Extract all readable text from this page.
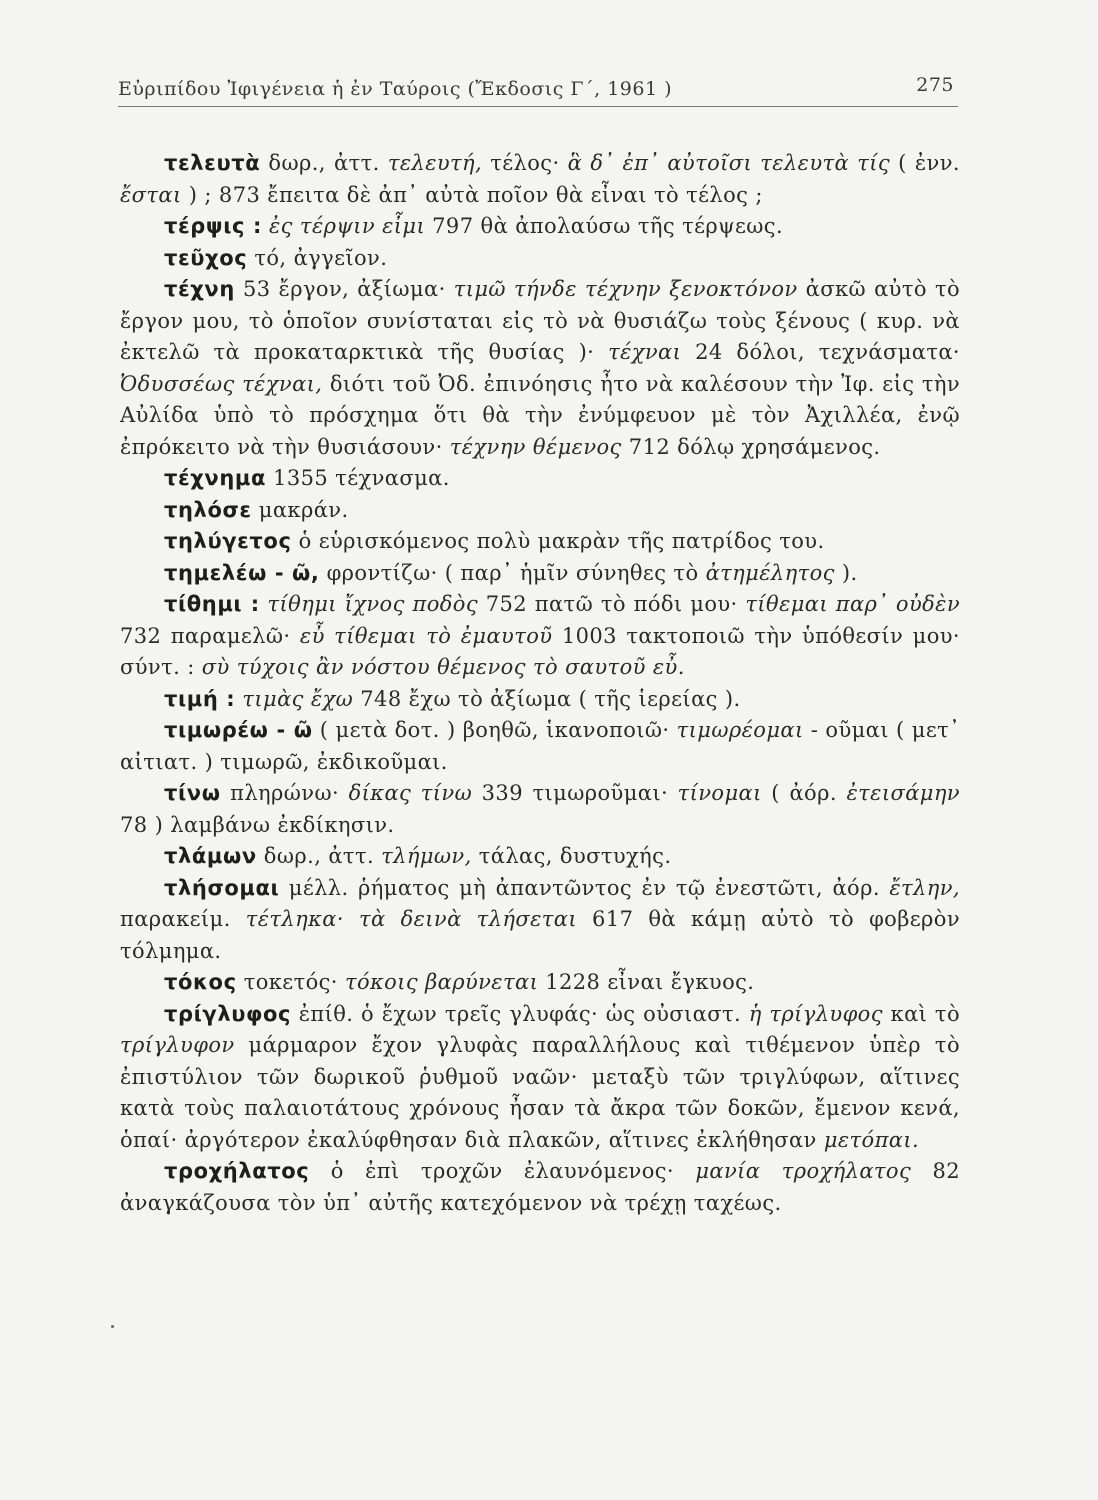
Εὐριπίδου Ἰφιγένεια ἡ ἐν Ταύροις (Ἔκδοσις Γ΄, 1961 )	275

τελευτὰ δωρ., ἀττ. τελευτή, τέλος· ἃ δ᾽ ἐπ᾽ αὐτοῖσι τελευτὰ τίς ( ἐνν. ἔσται ) ; 873 ἔπειτα δὲ ἀπ᾽ αὐτὰ ποῖον θὰ εἶναι τὸ τέλος ;

τέρψις : ἐς τέρψιν εἶμι 797 θὰ ἀπολαύσω τῆς τέρψεως.

τεῦχος τό, ἀγγεῖον.

τέχνη 53 ἔργον, ἀξίωμα· τιμῶ τήνδε τέχνην ξενοκτόνον ἀσκῶ αὐτὸ τὸ ἔργον μου, τὸ ὁποῖον συνίσταται εἰς τὸ νὰ θυσιάζω τοὺς ξένους ( κυρ. νὰ ἐκτελῶ τὰ προκαταρκτικὰ τῆς θυσίας )· τέχναι 24 δόλοι, τεχνάσματα· Ὀδυσσέως τέχναι, διότι τοῦ Ὀδ. ἐπινόησις ἦτο νὰ καλέσουν τὴν Ἰφ. εἰς τὴν Αὐλίδα ὑπὸ τὸ πρόσχημα ὅτι θὰ τὴν ἐνύμφευον μὲ τὸν Ἀχιλλέα, ἐνῷ ἐπρόκειτο νὰ τὴν θυσιάσουν· τέχνην θέμενος 712 δόλῳ χρησάμενος.

τέχνημα 1355 τέχνασμα.

τηλόσε μακράν.

τηλύγετος ὁ εὑρισκόμενος πολὺ μακρὰν τῆς πατρίδος του.

τημελέω - ῶ, φροντίζω· ( παρ᾽ ἡμῖν σύνηθες τὸ ἀτημέλητος ).

τίθημι : τίθημι ἴχνος ποδὸς 752 πατῶ τὸ πόδι μου· τίθεμαι παρ᾽ οὐδὲν 732 παραμελῶ· εὖ τίθεμαι τὸ ἐμαυτοῦ 1003 τακτοποιῶ τὴν ὑπόθεσίν μου· σύντ. : σὺ τύχοις ἂν νόστου θέμενος τὸ σαυτοῦ εὖ.

τιμή : τιμὰς ἔχω 748 ἔχω τὸ ἀξίωμα ( τῆς ἱερείας ).

τιμωρέω - ῶ ( μετὰ δοτ. ) βοηθῶ, ἱκανοποιῶ· τιμωρέομαι - οῦμαι ( μετ᾽ αἰτιατ. ) τιμωρῶ, ἐκδικοῦμαι.

τίνω πληρώνω· δίκας τίνω 339 τιμωροῦμαι· τίνομαι ( ἀόρ. ἐτεισάμην 78 ) λαμβάνω ἐκδίκησιν.

τλάμων δωρ., ἀττ. τλήμων, τάλας, δυστυχής.

τλήσομαι μέλλ. ῥήματος μὴ ἀπαντῶντος ἐν τῷ ἐνεστῶτι, ἀόρ. ἔτλην, παρακείμ. τέτληκα· τὰ δεινὰ τλήσεται 617 θὰ κάμῃ αὐτὸ τὸ φοβερὸν τόλμημα.

τόκος τοκετός· τόκοις βαρύνεται 1228 εἶναι ἔγκυος.

τρίγλυφος ἐπίθ. ὁ ἔχων τρεῖς γλυφάς· ὡς οὐσιαστ. ἡ τρίγλυφος καὶ τὸ τρίγλυφον μάρμαρον ἔχον γλυφὰς παραλλήλους καὶ τιθέμενον ὑπὲρ τὸ ἐπιστύλιον τῶν δωρικοῦ ῥυθμοῦ ναῶν· μεταξὺ τῶν τριγλύφων, αἵτινες κατὰ τοὺς παλαιοτάτους χρόνους ἦσαν τὰ ἄκρα τῶν δοκῶν, ἔμενον κενά, ὁπαί· ἀργότερον ἐκαλύφθησαν διὰ πλακῶν, αἵτινες ἐκλήθησαν μετόπαι.

τροχήλατος ὁ ἐπὶ τροχῶν ἐλαυνόμενος· μανία τροχήλατος 82 ἀναγκάζουσα τὸν ὑπ᾽ αὐτῆς κατεχόμενον νὰ τρέχῃ ταχέως.
